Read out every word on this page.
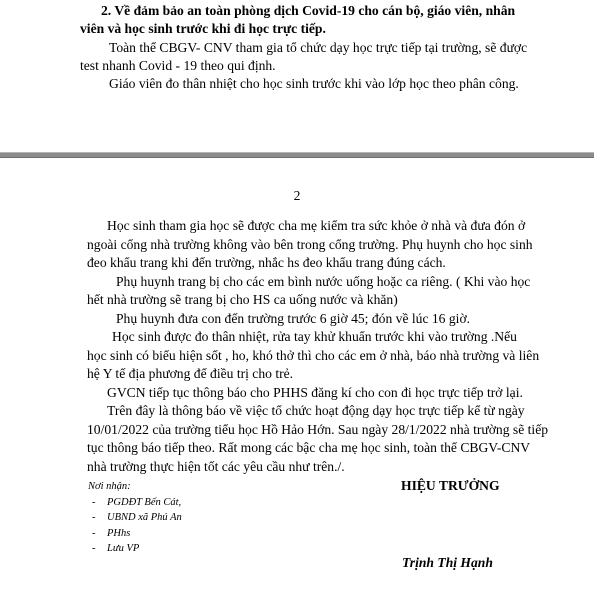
2. Về đảm bảo an toàn phòng dịch Covid-19 cho cán bộ, giáo viên, nhân
viên và học sinh trước khi đi học trực tiếp.
Toàn thể CBGV- CNV tham gia tổ chức dạy học trực tiếp tại trường, sẽ được
test nhanh Covid - 19 theo qui định.
Giáo viên đo thân nhiệt cho học sinh trước khi vào lớp học theo phân công.
2
Học sinh tham gia học sẽ được cha mẹ kiểm tra sức khỏe ở nhà và đưa đón ở
ngoài cổng nhà trường không vào bên trong cổng trường. Phụ huynh cho học sinh
đeo khẩu trang khi đến trường, nhắc hs đeo khẩu trang đúng cách.
Phụ huynh trang bị cho các em bình nước uống hoặc ca riêng. ( Khi vào học
hết nhà trường sẽ trang bị cho HS ca uống nước và khăn)
Phụ huynh đưa con đến trường trước 6 giờ 45; đón về lúc 16 giờ.
Học sinh được đo thân nhiệt, rửa tay khử khuẩn trước khi vào trường .Nếu
học sinh có biểu hiện sốt , ho, khó thở thì cho các em ở nhà, báo nhà trường và liên
hệ Y tế địa phương để điều trị cho trẻ.
GVCN tiếp tục thông báo cho PHHS đăng kí cho con đi học trực tiếp trở lại.
Trên đây là thông báo về việc tổ chức hoạt động dạy học trực tiếp kể từ ngày
10/01/2022 của trường tiểu học Hồ Hảo Hớn. Sau ngày 28/1/2022 nhà trường sẽ tiếp
tục thông báo tiếp theo. Rất mong các bậc cha mẹ học sinh, toàn thể CBGV-CNV
nhà trường thực hiện tốt các yêu cầu như trên./.
Nơi nhận:	HIỆU TRƯỞNG
- PGDĐT Bến Cát,
- UBND xã Phú An
- PHhs
- Lưu VP
Trịnh Thị Hạnh
